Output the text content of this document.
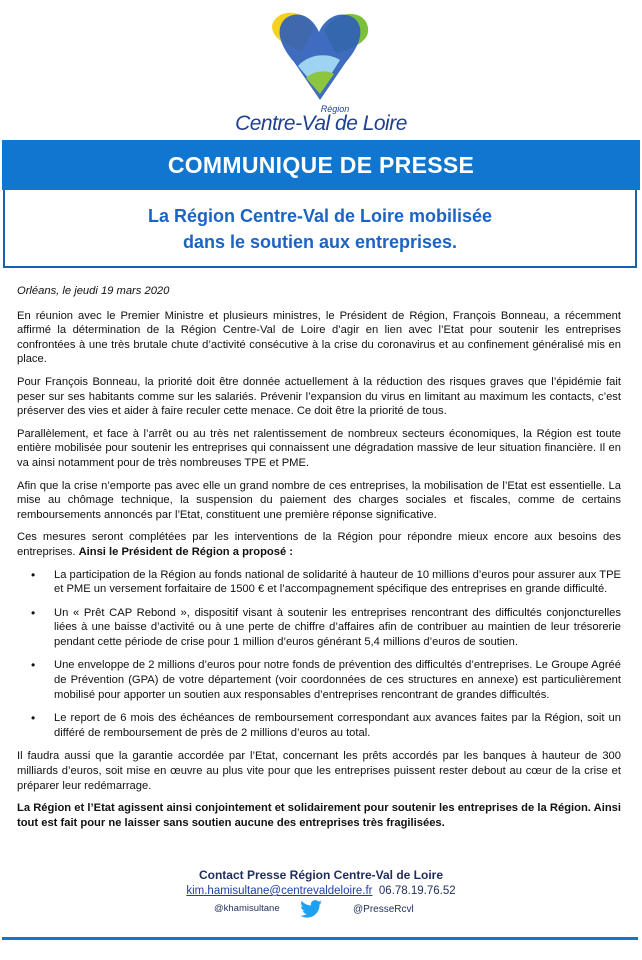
Région
Centre-Val de Loire
COMMUNIQUE DE PRESSE
La Région Centre-Val de Loire mobilisée
dans le soutien aux entreprises.

Orléans, le jeudi 19 mars 2020

En réunion avec le Premier Ministre et plusieurs ministres, le Président de Région, François Bonneau, a récemment affirmé la détermination de la Région Centre-Val de Loire d’agir en lien avec l’Etat pour soutenir les entreprises confrontées à une très brutale chute d’activité consécutive à la crise du coronavirus et au confinement généralisé mis en place.

Pour François Bonneau, la priorité doit être donnée actuellement à la réduction des risques graves que l’épidémie fait peser sur ses habitants comme sur les salariés. Prévenir l’expansion du virus en limitant au maximum les contacts, c’est préserver des vies et aider à faire reculer cette menace. Ce doit être la priorité de tous.

Parallèlement, et face à l’arrêt ou au très net ralentissement de nombreux secteurs économiques, la Région est toute entière mobilisée pour soutenir les entreprises qui connaissent une dégradation massive de leur situation financière. Il en va ainsi notamment pour de très nombreuses TPE et PME.

Afin que la crise n’emporte pas avec elle un grand nombre de ces entreprises, la mobilisation de l’Etat est essentielle. La mise au chômage technique, la suspension du paiement des charges sociales et fiscales, comme de certains remboursements annoncés par l’Etat, constituent une première réponse significative.

Ces mesures seront complétées par les interventions de la Région pour répondre mieux encore aux besoins des entreprises. Ainsi le Président de Région a proposé :

• La participation de la Région au fonds national de solidarité à hauteur de 10 millions d’euros pour assurer aux TPE et PME un versement forfaitaire de 1500 € et l’accompagnement spécifique des entreprises en grande difficulté.
• Un « Prêt CAP Rebond », dispositif visant à soutenir les entreprises rencontrant des difficultés conjoncturelles liées à une baisse d’activité ou à une perte de chiffre d’affaires afin de contribuer au maintien de leur trésorerie pendant cette période de crise pour 1 million d’euros générant 5,4 millions d’euros de soutien.
• Une enveloppe de 2 millions d’euros pour notre fonds de prévention des difficultés d’entreprises. Le Groupe Agréé de Prévention (GPA) de votre département (voir coordonnées de ces structures en annexe) est particulièrement mobilisé pour apporter un soutien aux responsables d’entreprises rencontrant de grandes difficultés.
• Le report de 6 mois des échéances de remboursement correspondant aux avances faites par la Région, soit un différé de remboursement de près de 2 millions d’euros au total.

Il faudra aussi que la garantie accordée par l’Etat, concernant les prêts accordés par les banques à hauteur de 300 milliards d’euros, soit mise en œuvre au plus vite pour que les entreprises puissent rester debout au cœur de la crise et préparer leur redémarrage.

La Région et l’Etat agissent ainsi conjointement et solidairement pour soutenir les entreprises de la Région. Ainsi tout est fait pour ne laisser sans soutien aucune des entreprises très fragilisées.

Contact Presse Région Centre-Val de Loire
kim.hamisultane@centrevaldeloire.fr 06.78.19.76.52
@khamisultane	@PresseRcvl
